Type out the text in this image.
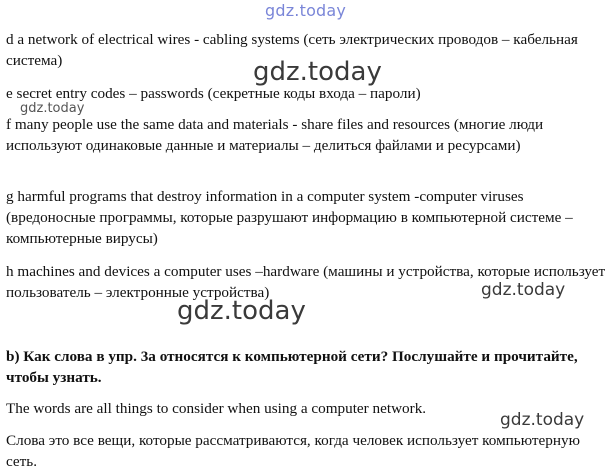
gdz.today
d a network of electrical wires - cabling systems (сеть электрических проводов – кабельная система)	gdz.today
e secret entry codes – passwords (секретные коды входа – пароли)
gdz.today
f many people use the same data and materials - share files and resources (многие люди используют одинаковые данные и материалы – делиться файлами и ресурсами)
g harmful programs that destroy information in a computer system -computer viruses (вредоносные программы, которые разрушают информацию в компьютерной системе – компьютерные вирусы)
h machines and devices a computer uses –hardware (машины и устройства, которые использует пользователь – электронные устройства)	gdz.today
gdz.today
b) Как слова в упр. 3а относятся к компьютерной сети? Послушайте и прочитайте, чтобы узнать.
The words are all things to consider when using a computer network.
gdz.today
Слова это все вещи, которые рассматриваются, когда человек использует компьютерную сеть.
